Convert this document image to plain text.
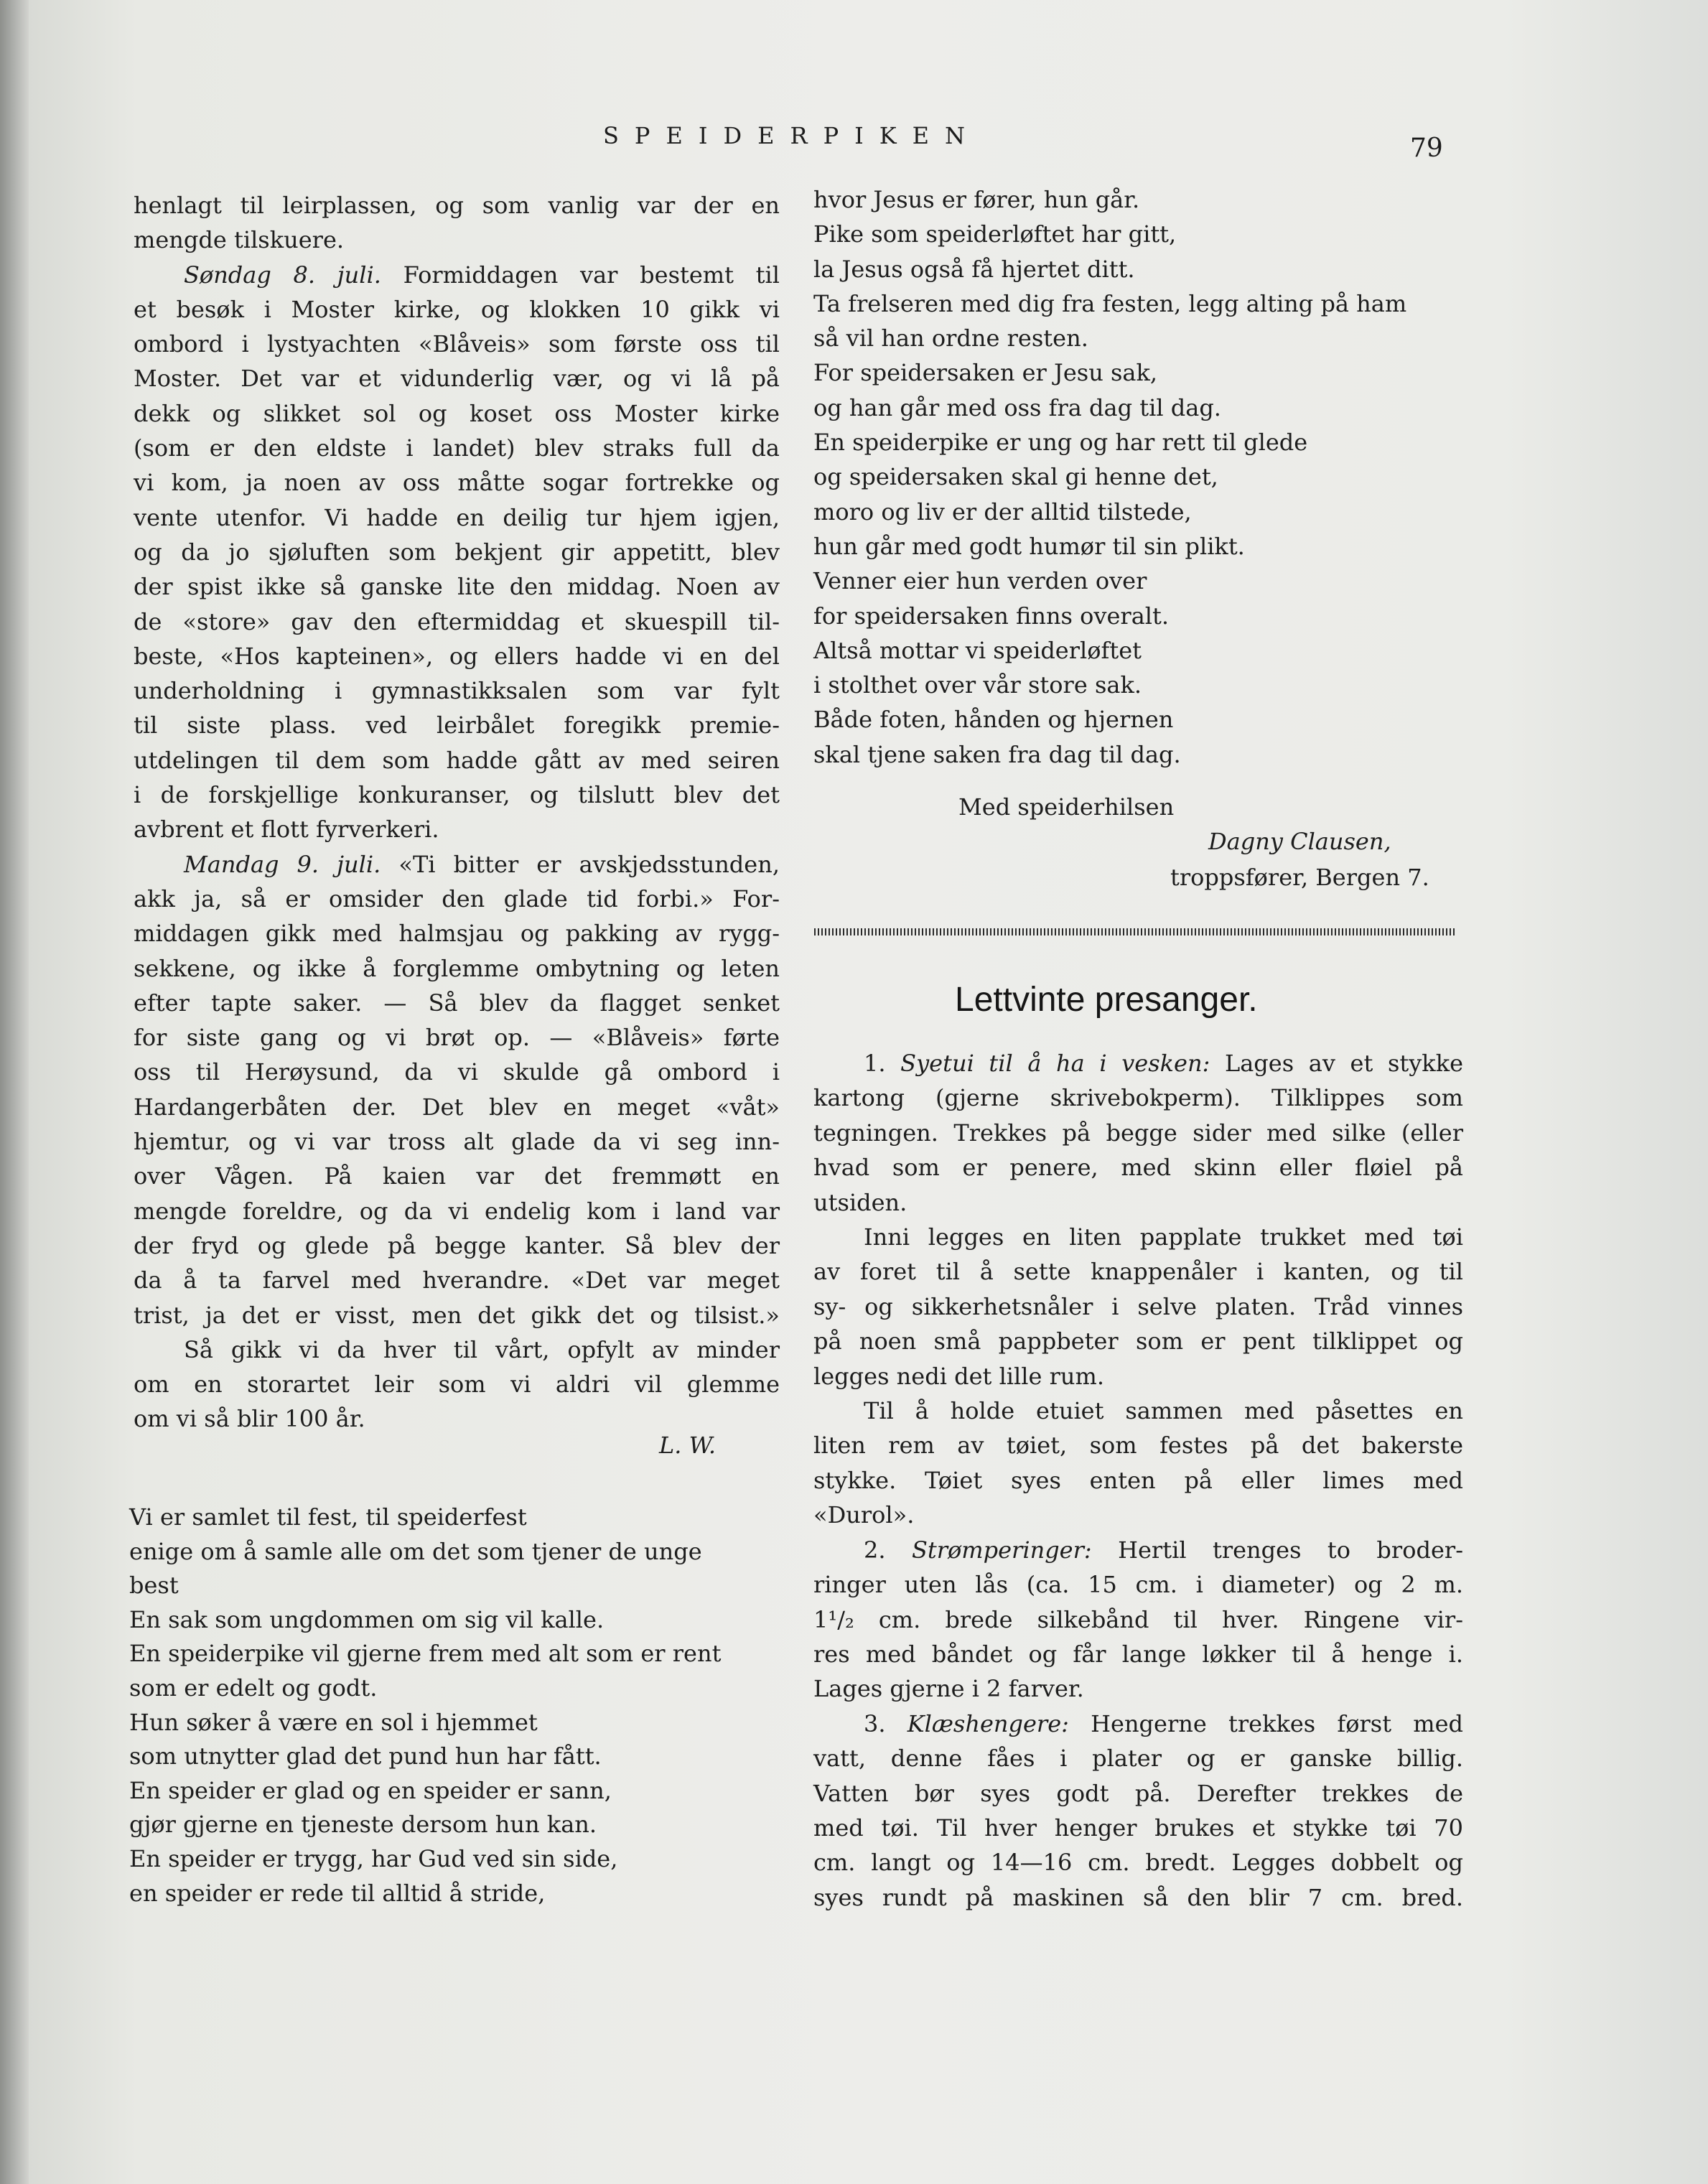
SPEIDERPIKEN	79
henlagt til leirplassen, og som vanlig var der en
mengde tilskuere.
Søndag 8. juli. Formiddagen var bestemt til
et besøk i Moster kirke, og klokken 10 gikk vi
ombord i lystyachten «Blåveis» som første oss til
Moster. Det var et vidunderlig vær, og vi lå på
dekk og slikket sol og koset oss Moster kirke
(som er den eldste i landet) blev straks full da
vi kom, ja noen av oss måtte sogar fortrekke og
vente utenfor. Vi hadde en deilig tur hjem igjen,
og da jo sjøluften som bekjent gir appetitt, blev
der spist ikke så ganske lite den middag. Noen av
de «store» gav den eftermiddag et skuespill til-
beste, «Hos kapteinen», og ellers hadde vi en del
underholdning i gymnastikksalen som var fylt
til siste plass. ved leirbålet foregikk premie-
utdelingen til dem som hadde gått av med seiren
i de forskjellige konkuranser, og tilslutt blev det
avbrent et flott fyrverkeri.
Mandag 9. juli. «Ti bitter er avskjedsstunden,
akk ja, så er omsider den glade tid forbi.» For-
middagen gikk med halmsjau og pakking av rygg-
sekkene, og ikke å forglemme ombytning og leten
efter tapte saker. — Så blev da flagget senket
for siste gang og vi brøt op. — «Blåveis» førte
oss til Herøysund, da vi skulde gå ombord i
Hardangerbåten der. Det blev en meget «våt»
hjemtur, og vi var tross alt glade da vi seg inn-
over Vågen. På kaien var det fremmøtt en
mengde foreldre, og da vi endelig kom i land var
der fryd og glede på begge kanter. Så blev der
da å ta farvel med hverandre. «Det var meget
trist, ja det er visst, men det gikk det og tilsist.»
Så gikk vi da hver til vårt, opfylt av minder
om en storartet leir som vi aldri vil glemme
om vi så blir 100 år.
L. W.
Vi er samlet til fest, til speiderfest
enige om å samle alle om det som tjener de unge
best
En sak som ungdommen om sig vil kalle.
En speiderpike vil gjerne frem med alt som er rent
som er edelt og godt.
Hun søker å være en sol i hjemmet
som utnytter glad det pund hun har fått.
En speider er glad og en speider er sann,
gjør gjerne en tjeneste dersom hun kan.
En speider er trygg, har Gud ved sin side,
en speider er rede til alltid å stride,
hvor Jesus er fører, hun går.
Pike som speiderløftet har gitt,
la Jesus også få hjertet ditt.
Ta frelseren med dig fra festen, legg alting på ham
så vil han ordne resten.
For speidersaken er Jesu sak,
og han går med oss fra dag til dag.
En speiderpike er ung og har rett til glede
og speidersaken skal gi henne det,
moro og liv er der alltid tilstede,
hun går med godt humør til sin plikt.
Venner eier hun verden over
for speidersaken finns overalt.
Altså mottar vi speiderløftet
i stolthet over vår store sak.
Både foten, hånden og hjernen
skal tjene saken fra dag til dag.
Med speiderhilsen
Dagny Clausen,
troppsfører, Bergen 7.
Lettvinte presanger.
1. Syetui til å ha i vesken: Lages av et stykke
kartong (gjerne skrivebokperm). Tilklippes som
tegningen. Trekkes på begge sider med silke (eller
hvad som er penere, med skinn eller fløiel på
utsiden.
Inni legges en liten papplate trukket med tøi
av foret til å sette knappenåler i kanten, og til
sy- og sikkerhetsnåler i selve platen. Tråd vinnes
på noen små pappbeter som er pent tilklippet og
legges nedi det lille rum.
Til å holde etuiet sammen med påsettes en
liten rem av tøiet, som festes på det bakerste
stykke. Tøiet syes enten på eller limes med
«Durol».
2. Strømperinger: Hertil trenges to broder-
ringer uten lås (ca. 15 cm. i diameter) og 2 m.
1¹/₂ cm. brede silkebånd til hver. Ringene vir-
res med båndet og får lange løkker til å henge i.
Lages gjerne i 2 farver.
3. Klæshengere: Hengerne trekkes først med
vatt, denne fåes i plater og er ganske billig.
Vatten bør syes godt på. Derefter trekkes de
med tøi. Til hver henger brukes et stykke tøi 70
cm. langt og 14—16 cm. bredt. Legges dobbelt og
syes rundt på maskinen så den blir 7 cm. bred.
